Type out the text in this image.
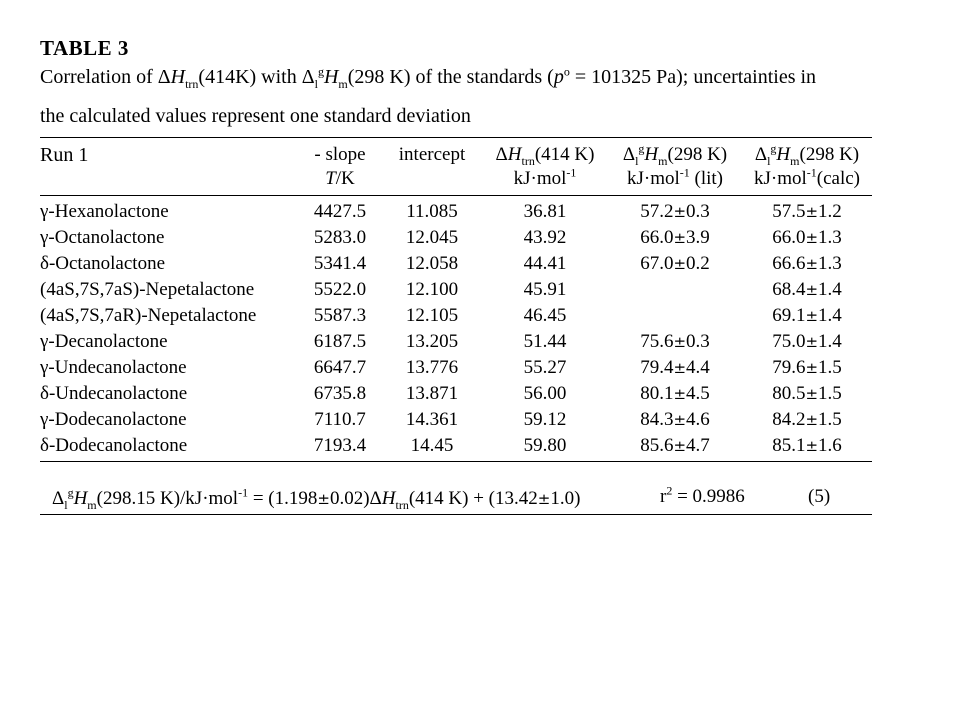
TABLE 3
Correlation of $\Delta H_{trn}(414K)$ with $\Delta_l^gH_m(298$ K) of the standards ($p^o = 101325$ Pa); uncertainties in
the calculated values represent one standard deviation
Run 1	- slope	intercept	$\Delta H_{trn}(414$ K)	$\Delta_l^gH_m(298$ K)	$\Delta_l^gH_m(298$ K)
	T/K		kJ·mol$^{-1}$	kJ·mol$^{-1}$ (lit)	kJ·mol$^{-1}$(calc)
γ-Hexanolactone	4427.5	11.085	36.81	57.2±0.3	57.5±1.2
γ-Octanolactone	5283.0	12.045	43.92	66.0±3.9	66.0±1.3
δ-Octanolactone	5341.4	12.058	44.41	67.0±0.2	66.6±1.3
(4aS,7S,7aS)-Nepetalactone	5522.0	12.100	45.91		68.4±1.4
(4aS,7S,7aR)-Nepetalactone	5587.3	12.105	46.45		69.1±1.4
γ-Decanolactone	6187.5	13.205	51.44	75.6±0.3	75.0±1.4
γ-Undecanolactone	6647.7	13.776	55.27	79.4±4.4	79.6±1.5
δ-Undecanolactone	6735.8	13.871	56.00	80.1±4.5	80.5±1.5
γ-Dodecanolactone	7110.7	14.361	59.12	84.3±4.6	84.2±1.5
δ-Dodecanolactone	7193.4	14.45	59.80	85.6±4.7	85.1±1.6
$\Delta_l^gH_m(298.15$ $K)/kJ\cdot mol^{-1} = (1.198\pm 0.02)\Delta H_{trn}(414$ K) + (13.42±1.0)	$r^2 = 0.9986$	(5)
